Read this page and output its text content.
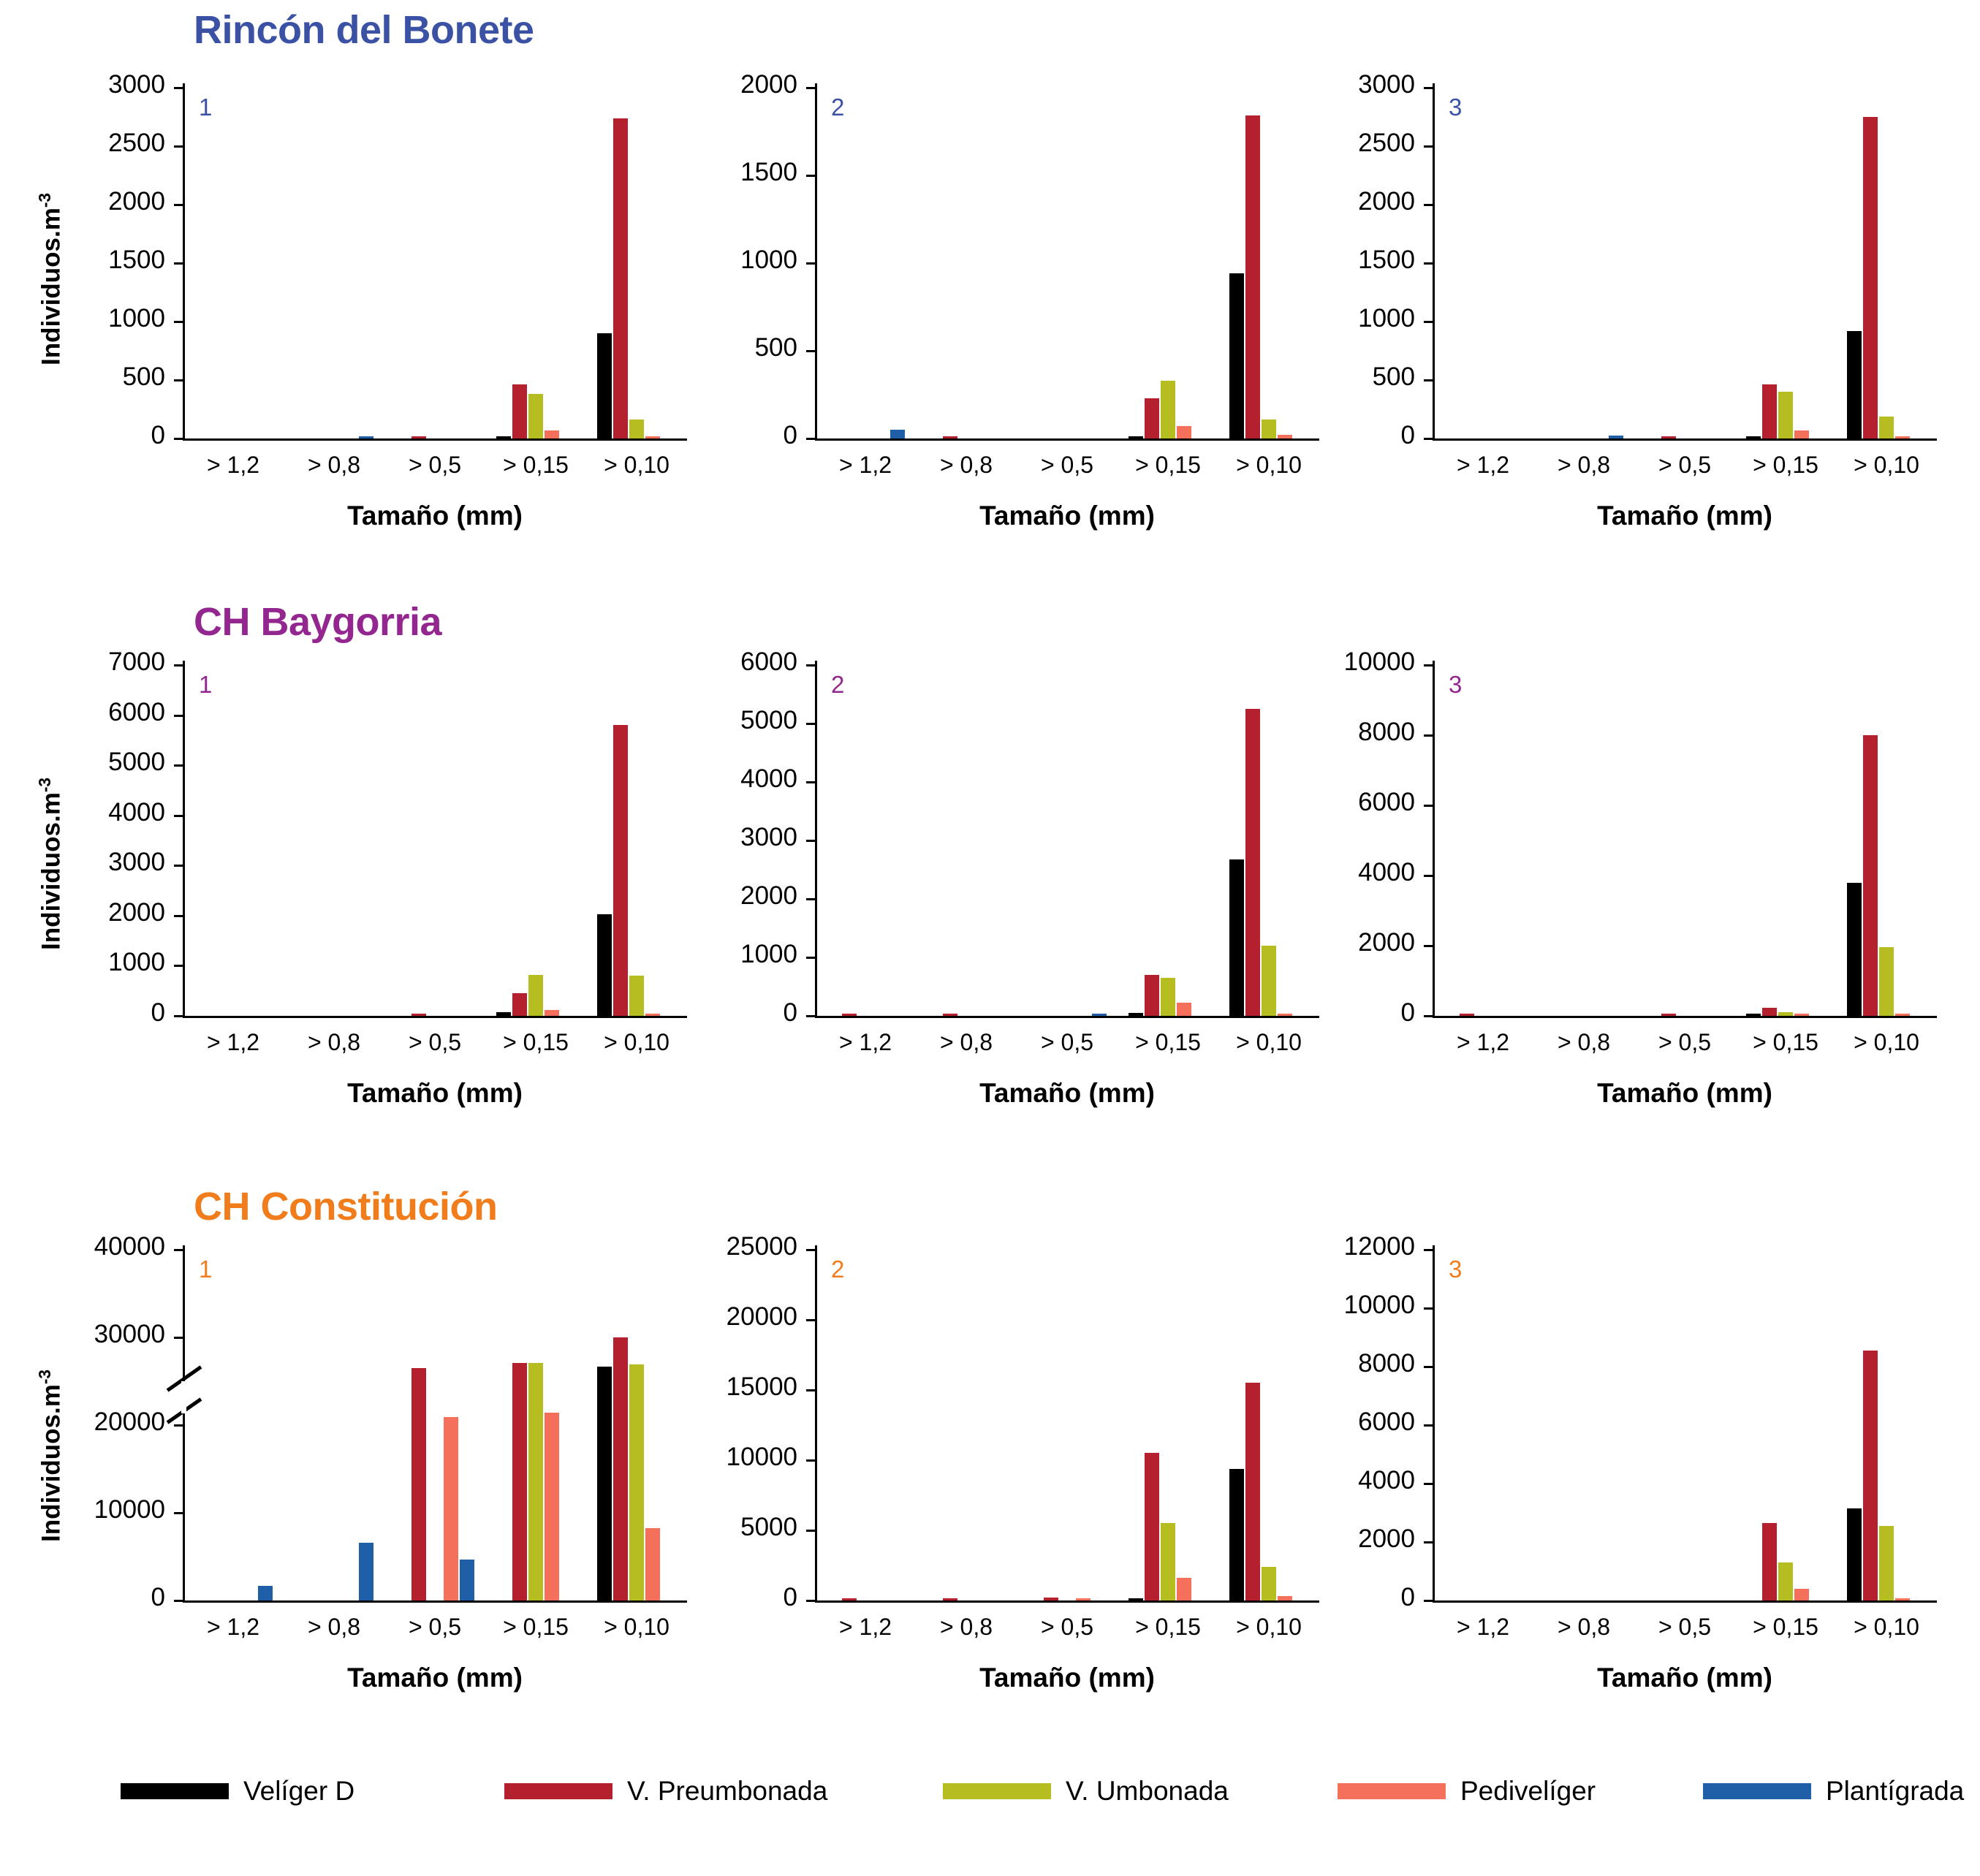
Rincón del Bonete
$Individuos.m^{-3}$
1
0
500
1000
1500
2000
2500
3000
> 1,2	> 0,8	> 0,5	> 0,15	> 0,10
Tamaño (mm)
2
0
500
1000
1500
2000
> 1,2	> 0,8	> 0,5	> 0,15	> 0,10
Tamaño (mm)
3
0
500
1000
1500
2000
2500
3000
> 1,2	> 0,8	> 0,5	> 0,15	> 0,10
Tamaño (mm)
CH Baygorria
$Individuos.m^{-3}$
1
0
1000
2000
3000
4000
5000
6000
7000
> 1,2	> 0,8	> 0,5	> 0,15	> 0,10
Tamaño (mm)
2
0
1000
2000
3000
4000
5000
6000
> 1,2	> 0,8	> 0,5	> 0,15	> 0,10
Tamaño (mm)
3
0
2000
4000
6000
8000
10000
> 1,2	> 0,8	> 0,5	> 0,15	> 0,10
Tamaño (mm)
CH Constitución
$Individuos.m^{-3}$
1
0
10000
20000
30000
40000
> 1,2	> 0,8	> 0,5	> 0,15	> 0,10
Tamaño (mm)
2
0
5000
10000
15000
20000
25000
> 1,2	> 0,8	> 0,5	> 0,15	> 0,10
Tamaño (mm)
3
0
2000
4000
6000
8000
10000
12000
> 1,2	> 0,8	> 0,5	> 0,15	> 0,10
Tamaño (mm)
Velíger D	V. Preumbonada	V. Umbonada	Pedivelíger	Plantígrada
